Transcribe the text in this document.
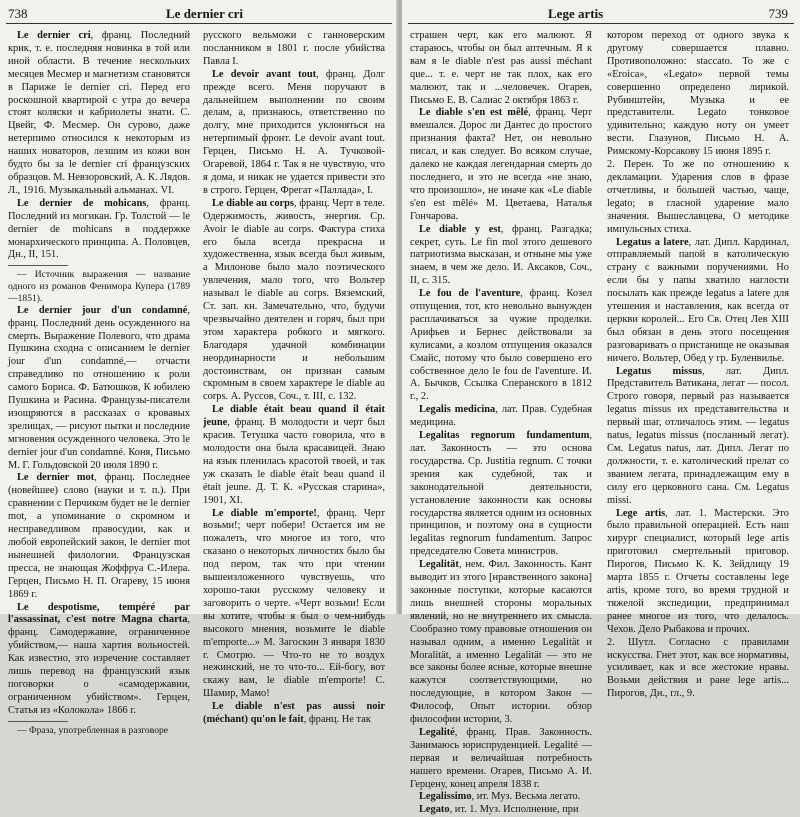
738	Le dernier cri

Le dernier cri, франц. Последний крик, т. е. последняя новинка в той или иной области. В течение нескольких месяцев Месмер и магнетизм становятся в Париже le dernier cri. Перед его роскошной квартирой с утра до вечера стоят коляски и кабриолеты знати. С. Цвейг, Ф. Месмер. Он суровo, даже нетерпимо относился к некоторым из наших новаторов, лезшим из кожи вон будто бы за le dernier cri французских образцов. М. Невзоровский, А. К. Лядов. Л., 1916. Музыкальный альманах. VI.

Le dernier de mohicans, франц. Последний из могикан. Гр. Толстой — le dernier de mohicans в поддержке монархического принципа. А. Половцев, Дн., II, 151.

— Источник выражения — название одного из романов Фенимора Купера (1789—1851).

Le dernier jour d'un condamné, франц. Последний день осужденного на смерть. Выражение Полевого, что драма Пушкина сходна с описанием le dernier jour d'un condamné,— отчасти справедливо по отношению к роли самого Бориса. Ф. Батюшков, К юбилею Пушкина и Расина. Французы-писатели изощряются в рассказах о кровавых зрелищах, — рисуют пытки и последние мгновения осужденного человека. Это le dernier jour d'un condamné. Коня, Письмо М. Г. Гольдовской 20 июля 1890 г.

Le dernier mot, франц. Последнее (новейшее) слово (науки и т. п.). При сравнении с Перчиком будет не le dernier mot, а упоминание о скромном и несправедливом правосудии, как и любой европейский закон, le dernier mot нынешней филологии. Французская пресса, не знающая Жоффруа С.-Илера. Герцен, Письмо Н. П. Огареву, 15 июня 1869 г.

Le despotisme, tempéré par l'assassinat, c'est notre Magna charta, франц. Самодержавие, ограниченное убийством,— наша хартия вольностей. Как известно, это изречение составляет лишь перевод на французский язык поговорки о «самодержавии, ограниченном убийством». Герцен, Статья из «Колокола» 1866 г.

— Фраза, употребленная в разговоре

русского вельможи с ганноверским посланником в 1801 г. после убийства Павла I.

Le devoir avant tout, франц. Долг прежде всего. Меня поручают в дальнейшем выполнении по своим делам, а, признаюсь, ответственно по долгу, мне приходится уклоняться на нетерпимый фронт. Le devoir avant tout. Герцен, Письмо Н. А. Тучковой-Огаревой, 1864 г. Так я не чувствую, что я дома, и никак не удается привести это в строго. Герцен, Фрегат «Паллада», I.

Le diable au corps, франц. Черт в теле. Одержимость, живость, энергия. Ср. Avoir le diable au corps. Фактура стиха его была всегда прекрасна и художественна, язык всегда был живым, а Милонове было мало поэтического увлечения, мало того, что Вольтер называл le diable au corps. Вяземский, Ст. зап. кн. Замечательно, что, будучи чрезвычайно деятелен и горяч, был при этом характера робкого и мягкого. Благодаря удачной комбинации неординарности и небольшим достоинствам, он признан самым скромным в своем характере le diable au corps. А. Руссов, Соч., т. III, с. 132.

Le diable était beau quand il était jeune, франц. В молодости и черт был красив. Тетушка часто говорила, что в молодости она была красавицей. Знаю на язык пленилась красотой твоей, и так уж сказать le diable était beau quand il était jeune. Д. Т. К. «Русская старина», 1901, XI.

Le diable m'emporte!, франц. Черт возьми!; черт побери! Остается им не пожалеть, что многое из того, что сказано о некоторых личностях было бы под пером, так что при чтении вышеизложенного чувствуешь, что хорошо-таки русскому человеку и заговорить о черте. «Черт возьми! Если вы хотите, чтобы я был о чем-нибудь высокого мнения, возьмите le diable m'emporte...» М. Загоскин 3 января 1830 г. Смотрю. — Что-то не то воздух нежинский, не то что-то... Ей-богу, вот скажу вам, le diable m'emporte! С. Шамир, Мамо!

Le diable n'est pas aussi noir (méchant) qu'on le fait, франц. Не так

Lege artis	739

страшен черт, как его малюют. Я стараюсь, чтобы он был аптечным. Я к вам я le diable n'est pas aussi méchant que... т. е. черт не так плох, как его малюют, так и ...человечек. Огарев, Письмо Е. В. Салиас 2 октября 1863 г.

Le diable s'en est mêlé, франц. Черт вмешался. Дорос ли Дантес до простого признания факта? Нет, он невольно писал, и как следует. Во всяком случае, далеко не каждая легендарная смерть до последнего, и это не всегда «не знаю, что произошло», не иначе как «Le diable s'en est mêlé» М. Цветаева, Наталья Гончарова.

Le diable y est, франц. Разгадка; секрет, суть. Le fin mol этого дешевого патриотизма высказан, и отныне мы уже знаем, в чем же дело. И. Аксаков, Соч., II, с. 315.

Le fou de l'aventure, франц. Козел отпущения, тот, кто невольно вынужден расплачиваться за чужие проделки. Арифьев и Бернес действовали за кулисами, а козлом отпущения оказался Смайс, потому что было совершено его собственное дело le fou de l'aventure. И. А. Бычков, Ссылка Сперанского в 1812 г., 2.

Legalis medicina, лат. Прав. Судебная медицина.

Legalitas regnorum fundamentum, лат. Законность — это основа государства. Ср. Justitia regnum. С точки зрения как судебной, так и законодательной деятельности, установление законности как основы государства является одним из основных принципов, и поэтому она в сущности legalitas regnorum fundamentum. Запрос председателю Совета министров.

Legalität, нем. Фил. Законность. Кант выводит из этого [нравственного закона] законные поступки, которые касаются лишь внешней стороны моральных явлений, но не внутреннего их смысла. Сообразно тому правовые отношения он называл одним, а именно Legalität и Moralität, а именно Legalität — это не все законы более ясные, которые внешне кажутся соответствующими, но последующие, в котором Закон — Философ, Опыт истории. обзор философии истории, 3.

Legalité, франц. Прав. Законность. Занимаюсь юриспруденцией. Legalité — первая и величайшая потребность нашего времени. Огарев, Письмо А. И. Герцену, конец апреля 1838 г.

Legalissimo, ит. Муз. Весьма легато.

Legato, ит. 1. Муз. Исполнение, при

котором переход от одного звука к другому совершается плавно. Противоположно: staccato. То же с «Eroica», «Legato» первой темы совершенно определено лирикой. Рубинштейн, Музыка и ее представители. Legato тонковое удивительно; каждую ноту он умеет вести. Глазунов, Письмо Н. А. Римскому-Корсакову 15 июня 1895 г.

2. Перен. То же по отношению к декламации. Ударения слов в фразе отчетливы, и большей частью, чаще, legato; в гласной ударение мало значения. Вышеславцева, О методике импульсных стиха.

Legatus a latere, лат. Дипл. Кардинал, отправляемый папой в католическую страну с важными поручениями. Но если бы у папы хватило наглости посылать как прежде legatus a latere для утешения и наставления, как всегда от церкви королей... Его Св. Отец Лев XIII был обязан в день этого посещения разговаривать о пристанище не оказывая ничего. Вольтер, Обед у гр. Буленвилье.

Legatus missus, лат. Дипл. Представитель Ватикана, легат — посол. Строго говоря, первый раз называется legatus missus их представительства и первый шаг, отличалось этим. — legatus natus, legatus missus (посланный легат). См. Legatus natus, лат. Дипл. Легат по должности, т. е. католический прелат со званием легата, принадлежащим ему в силу его церковного сана. См. Legatus missi.

Lege artis, лат. 1. Мастерски. Это было правильной операцией. Есть наш хирург специалист, который lege artis приготовил смертельный приговор. Пирогов, Письмо К. К. Зейдлицу 19 марта 1855 г. Отчеты составлены lege artis, кроме того, во время трудной и тяжелой экспедиции, предпринимал ранее многое из того, что делалось. Чехов. Дело Рыбакова и прочих.

2. Шутл. Согласно с правилами искусства. Гнет этот, как все нормативы, усиливает, как и все жестокие нравы. Возьми действия и ране lege artis... Пирогов, Дн., гл., 9.
